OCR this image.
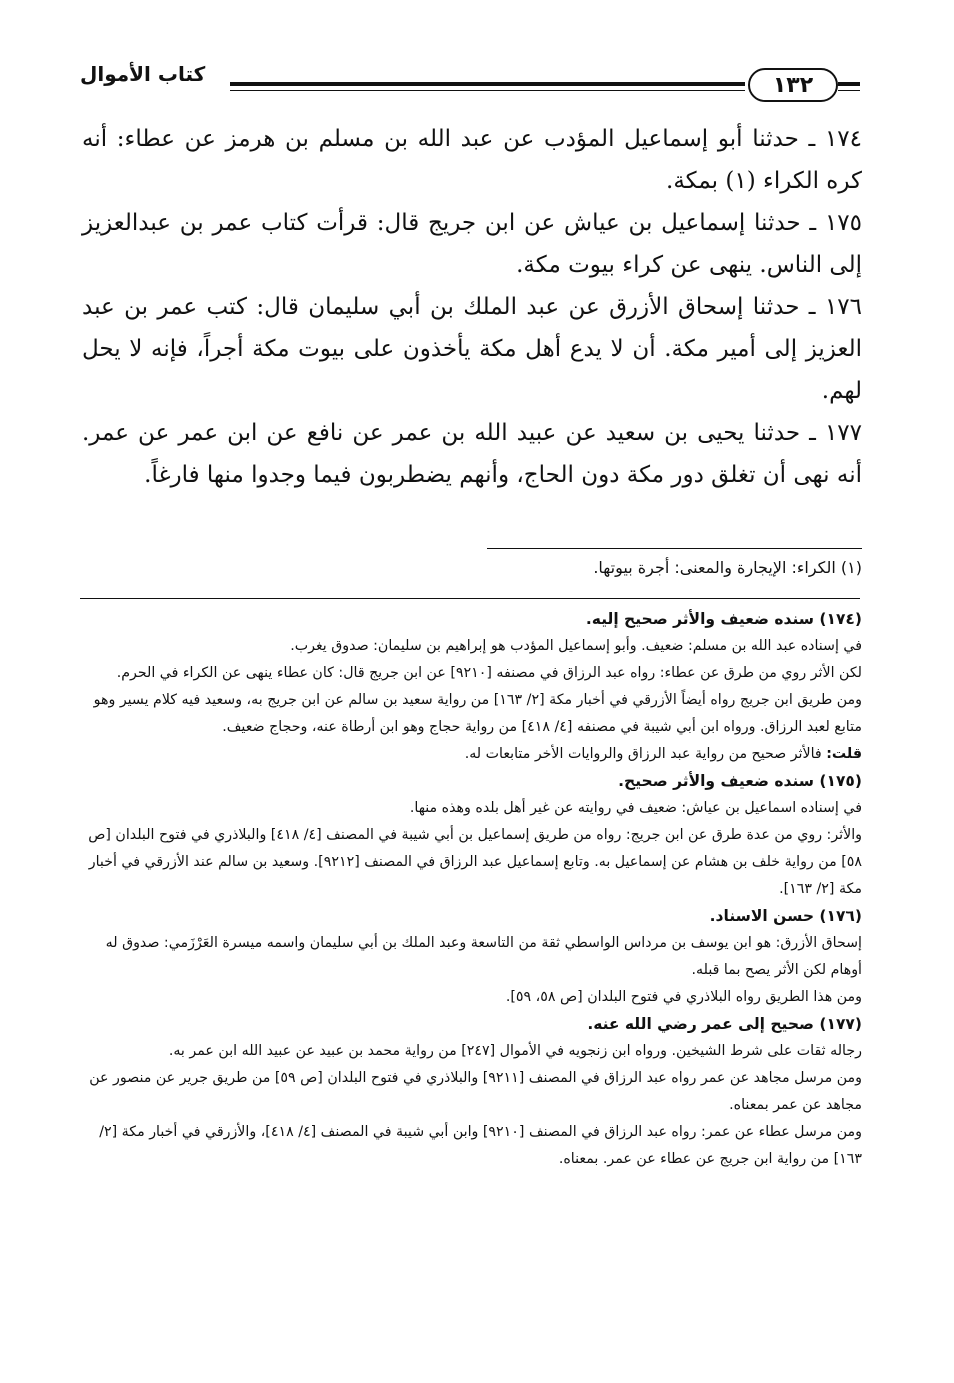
كتاب الأموال	١٣٢

١٧٤ ـ حدثنا أبو إسماعيل المؤدب عن عبد الله بن مسلم بن هرمز عن عطاء: أنه كره الكراء (١) بمكة.

١٧٥ ـ حدثنا إسماعيل بن عياش عن ابن جريج قال: قرأت كتاب عمر بن عبدالعزيز إلى الناس. ينهى عن كراء بيوت مكة.

١٧٦ ـ حدثنا إسحاق الأزرق عن عبد الملك بن أبي سليمان قال: كتب عمر بن عبد العزيز إلى أمير مكة. أن لا يدع أهل مكة يأخذون على بيوت مكة أجراً، فإنه لا يحل لهم.

١٧٧ ـ حدثنا يحيى بن سعيد عن عبيد الله بن عمر عن نافع عن ابن عمر عن عمر. أنه نهى أن تغلق دور مكة دون الحاج، وأنهم يضطربون فيما وجدوا منها فارغاً.

(١) الكراء: الإيجارة والمعنى: أجرة بيوتها.
(١٧٤) سنده ضعيف والأثر صحيح إليه.

في إسناده عبد الله بن مسلم: ضعيف. وأبو إسماعيل المؤدب هو إبراهيم بن سليمان: صدوق يغرب.

لكن الأثر روي من طرق عن عطاء: رواه عبد الرزاق في مصنفه [٩٢١٠] عن ابن جريج قال: كان عطاء ينهى عن الكراء في الحرم.

ومن طريق ابن جريج رواه أيضاً الأزرقي في أخبار مكة [٢/ ١٦٣] من رواية سعيد بن سالم عن ابن جريج به، وسعيد فيه كلام يسير وهو متابع لعبد الرزاق. ورواه ابن أبي شيبة في مصنفه [٤/ ٤١٨] من رواية حجاج وهو ابن أرطاة عنه، وحجاج ضعيف.

قلت: فالأثر صحيح من رواية عبد الرزاق والروايات الأخر متابعات له.

(١٧٥) سنده ضعيف والأثر صحيح.

في إسناده اسماعيل بن عياش: ضعيف في روايته عن غير أهل بلده وهذه منها.

والأثر: روي من عدة طرق عن ابن جريج: رواه من طريق إسماعيل بن أبي شيبة في المصنف [٤/ ٤١٨] والبلاذري في فتوح البلدان [ص ٥٨] من رواية خلف بن هشام عن إسماعيل به. وتابع إسماعيل عبد الرزاق في المصنف [٩٢١٢]. وسعيد بن سالم عند الأزرقي في أخبار مكة [٢/ ١٦٣].

(١٧٦) حسن الاسناد.

إسحاق الأزرق: هو ابن يوسف بن مرداس الواسطي ثقة من التاسعة وعبد الملك بن أبي سليمان واسمه ميسرة العَرْزَمي: صدوق له أوهام لكن الأثر يصح بما قبله.

ومن هذا الطريق رواه البلاذري في فتوح البلدان [ص ٥٨، ٥٩].

(١٧٧) صحيح إلى عمر رضي الله عنه.

رجاله ثقات على شرط الشيخين. ورواه ابن زنجويه في الأموال [٢٤٧] من رواية محمد بن عبيد عن عبيد الله ابن عمر به.

ومن مرسل مجاهد عن عمر رواه عبد الرزاق في المصنف [٩٢١١] والبلاذري في فتوح البلدان [ص ٥٩] من طريق جرير عن منصور عن مجاهد عن عمر بمعناه.

ومن مرسل عطاء عن عمر: رواه عبد الرزاق في المصنف [٩٢١٠] وابن أبي شيبة في المصنف [٤/ ٤١٨]، والأزرقي في أخبار مكة [٢/ ١٦٣] من رواية ابن جريج عن عطاء عن عمر. بمعناه.
